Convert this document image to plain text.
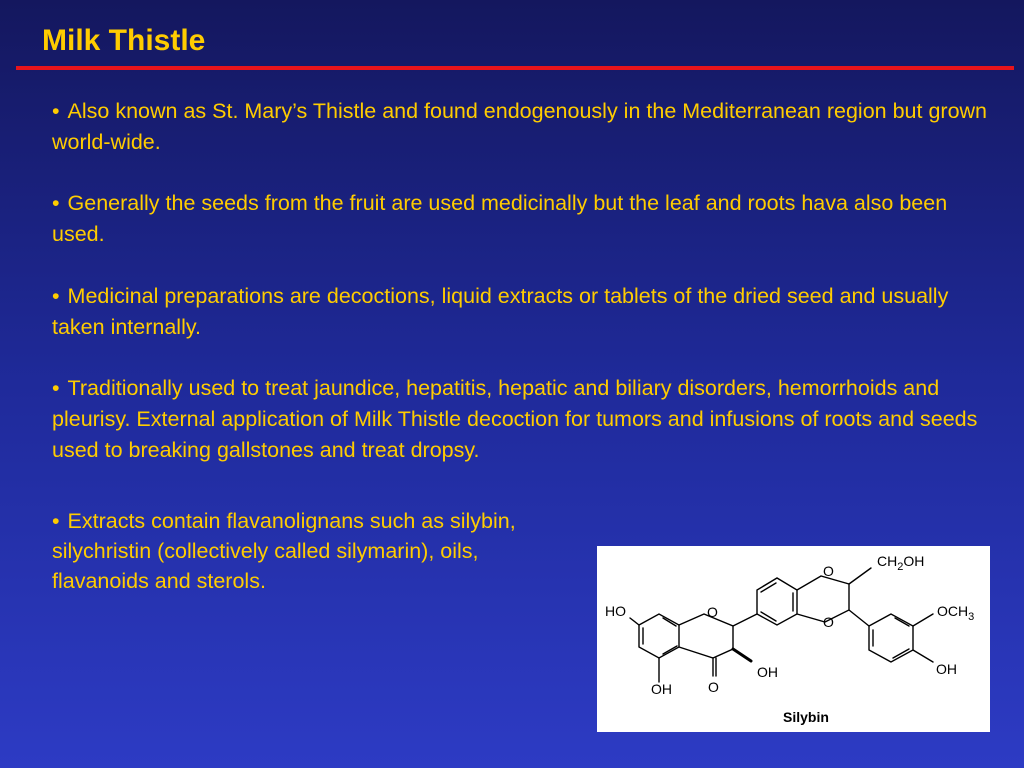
Milk Thistle

• Also known as St. Mary’s Thistle and found endogenously in the Mediterranean region but grown world-wide.

• Generally the seeds from the fruit are used medicinally but the leaf and roots hava also been used.

• Medicinal preparations are decoctions, liquid extracts or tablets of the dried seed and usually taken internally.

• Traditionally used to treat jaundice, hepatitis, hepatic and biliary disorders, hemorrhoids and pleurisy. External application of Milk Thistle decoction for tumors and infusions of roots and seeds used to breaking gallstones and treat dropsy.

• Extracts contain flavanolignans such as silybin, silychristin (collectively called silymarin), oils, flavanoids and sterols.

HO
OH	O
O
OH
O
O
$CH_2OH$
$OCH_3$
OH
Silybin
